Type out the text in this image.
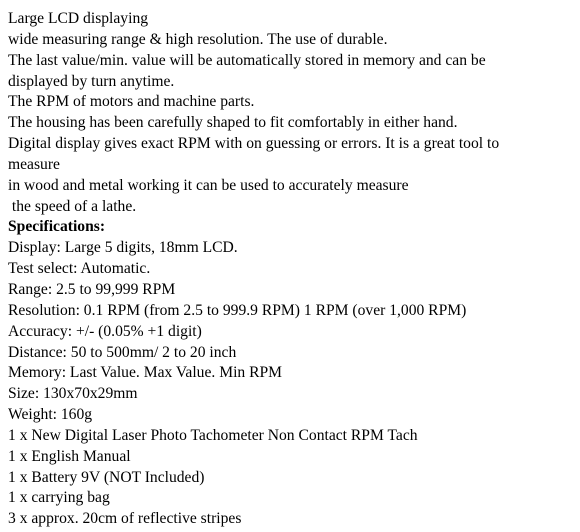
Large LCD displaying
wide measuring range & high resolution. The use of durable.
The last value/min. value will be automatically stored in memory and can be
displayed by turn anytime.
The RPM of motors and machine parts.
The housing has been carefully shaped to fit comfortably in either hand.
Digital display gives exact RPM with on guessing or errors. It is a great tool to
measure
in wood and metal working it can be used to accurately measure
the speed of a lathe.
Specifications:
Display: Large 5 digits, 18mm LCD.
Test select: Automatic.
Range: 2.5 to 99,999 RPM
Resolution: 0.1 RPM (from 2.5 to 999.9 RPM) 1 RPM (over 1,000 RPM)
Accuracy: +/- (0.05% +1 digit)
Distance: 50 to 500mm/ 2 to 20 inch
Memory: Last Value. Max Value. Min RPM
Size: 130x70x29mm
Weight: 160g
1 x New Digital Laser Photo Tachometer Non Contact RPM Tach
1 x English Manual
1 x Battery 9V (NOT Included)
1 x carrying bag
3 x approx. 20cm of reflective stripes
